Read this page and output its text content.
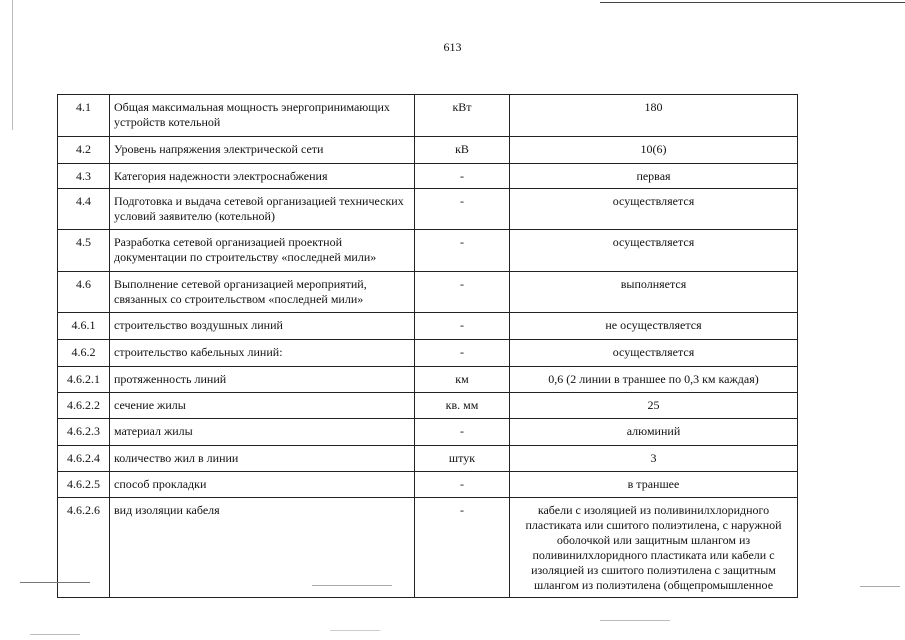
613
4.1	Общая максимальная мощность энергопринимающих устройств котельной	кВт	180
4.2	Уровень напряжения электрической сети	кВ	10(6)
4.3	Категория надежности электроснабжения	-	первая
4.4	Подготовка и выдача сетевой организацией технических условий заявителю (котельной)	-	осуществляется
4.5	Разработка сетевой организацией проектной документации по строительству «последней мили»	-	осуществляется
4.6	Выполнение сетевой организацией мероприятий, связанных со строительством «последней мили»	-	выполняется
4.6.1	строительство воздушных линий	-	не осуществляется
4.6.2	строительство кабельных линий:	-	осуществляется
4.6.2.1	протяженность линий	км	0,6 (2 линии в траншее по 0,3 км каждая)
4.6.2.2	сечение жилы	кв. мм	25
4.6.2.3	материал жилы	-	алюминий
4.6.2.4	количество жил в линии	штук	3
4.6.2.5	способ прокладки	-	в траншее
4.6.2.6	вид изоляции кабеля	-	кабели с изоляцией из поливинилхлоридного пластиката или сшитого полиэтилена, с наружной оболочкой или защитным шлангом из поливинилхлоридного пластиката или кабели с изоляцией из сшитого полиэтилена с защитным шлангом из полиэтилена (общепромышленное
